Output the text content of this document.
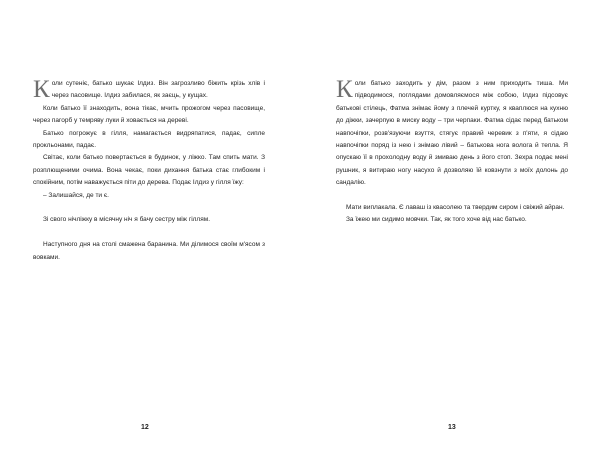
Коли сутеніє, батько шукає Ілдиз. Він загрозливо біжить крізь хлів і через пасовище. Ілдиз забилася, як заєць, у кущах.

Коли батько її знаходить, вона тікає, мчить прожогом через пасовище, через пагорб у темряву луки й ховається на дереві.

Батько погрожує в гілля, намагається видряпатися, падає, сипле прокльонами, падає.

Світає, коли батько повертається в будинок, у ліжко. Там спить мати. З розплющеними очима. Вона чекає, поки дихання батька стає глибоким і спокійним, потім наважується піти до дерева. Подає Ілдиз у гілля їжу:

– Залишайся, де ти є.

Зі свого нічліжку в місячну ніч я бачу сестру між гіллям.

Наступного дня на столі смажена баранина. Ми ділимося своїм м'ясом з вовками.

12

Коли батько заходить у дім, разом з ним приходить тиша. Ми підводимося, поглядами домовляємося між собою, Ілдиз підсовує батькові стілець, Фатма знімає йому з плечей куртку, я кваплюся на кухню до діжки, зачерпую в миску воду – три черпаки. Фатма сідає перед батьком навпочіпки, розв'язуючи взуття, стягує правий черевик з п'яти, я сідаю навпочіпки поряд із нею і знімаю лівий – батькова нога волога й тепла. Я опускаю її в прохолодну воду й змиваю день з його стоп. Зехра подає мені рушник, я витираю ногу насухо й дозволяю їй ковзнути з моїх долонь до сандалію.

Мати виплакала. Є лаваш із квасолею та твердим сиром і свіжий айран.

За їжею ми сидимо мовчки. Так, як того хоче від нас батько.

13
